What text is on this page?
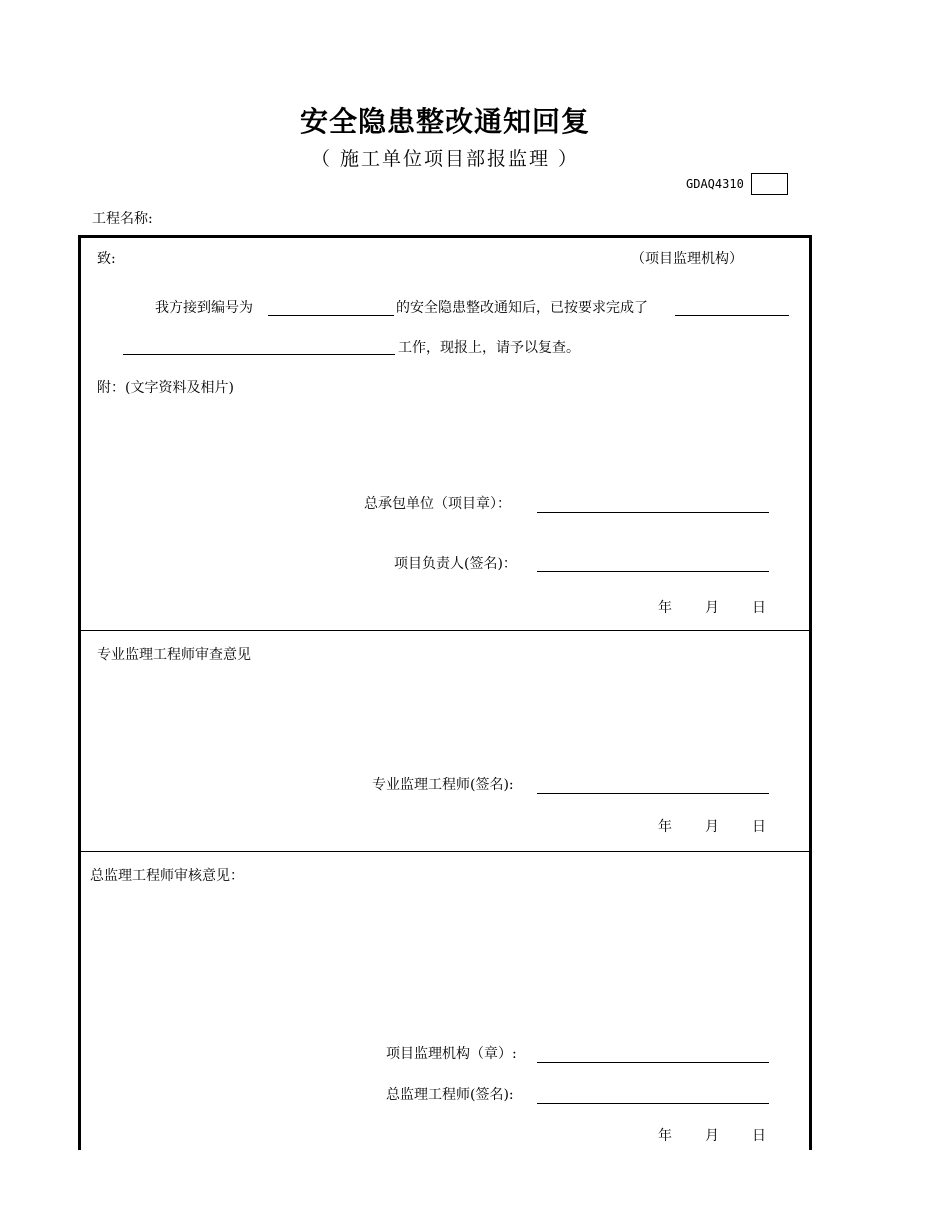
安全隐患整改通知回复
（ 施工单位项目部报监理 ）
GDAQ4310
工程名称:
致:	（项目监理机构）
我方接到编号为	的安全隐患整改通知后，已按要求完成了
工作，现报上，请予以复查。
附：(文字资料及相片)
总承包单位（项目章）：
项目负责人(签名)：
年 月 日
专业监理工程师审查意见
专业监理工程师(签名):
年 月 日
总监理工程师审核意见：
项目监理机构（章）:
总监理工程师(签名):
年 月 日
